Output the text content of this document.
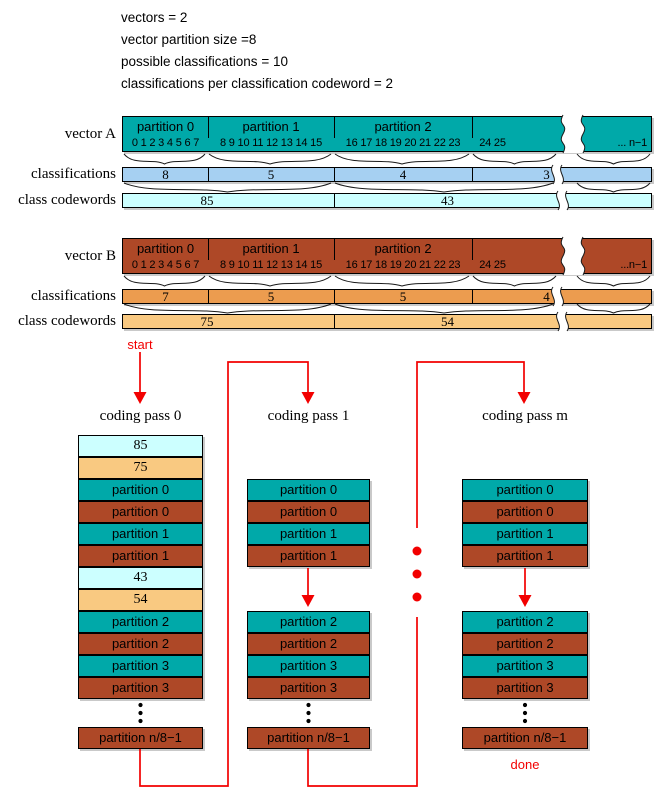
vectors = 2
vector partition size =8
possible classifications = 10
classifications per classification codeword = 2
vector A
classifications
class codewords
vector B
classifications
class codewords
start
done
partition 0	partition 1	partition 2
0 1 2 3 4 5 6 7	8 9 10 11 12 13 14 15	16 17 18 19 20 21 22 23	24 25	... n−1
8	5	4	3
85	43
partition 0	partition 1	partition 2
0 1 2 3 4 5 6 7	8 9 10 11 12 13 14 15	16 17 18 19 20 21 22 23	24 25	...n−1
7	5	5	4
75	54
coding pass 0
85
75
partition 0
partition 0
partition 1
partition 1
43
54
partition 2
partition 2
partition 3
partition 3
partition n/8−1
coding pass 1
partition 0
partition 0
partition 1
partition 1
partition 2
partition 2
partition 3
partition 3
partition n/8−1
coding pass m
partition 0
partition 0
partition 1
partition 1
partition 2
partition 2
partition 3
partition 3
partition n/8−1
